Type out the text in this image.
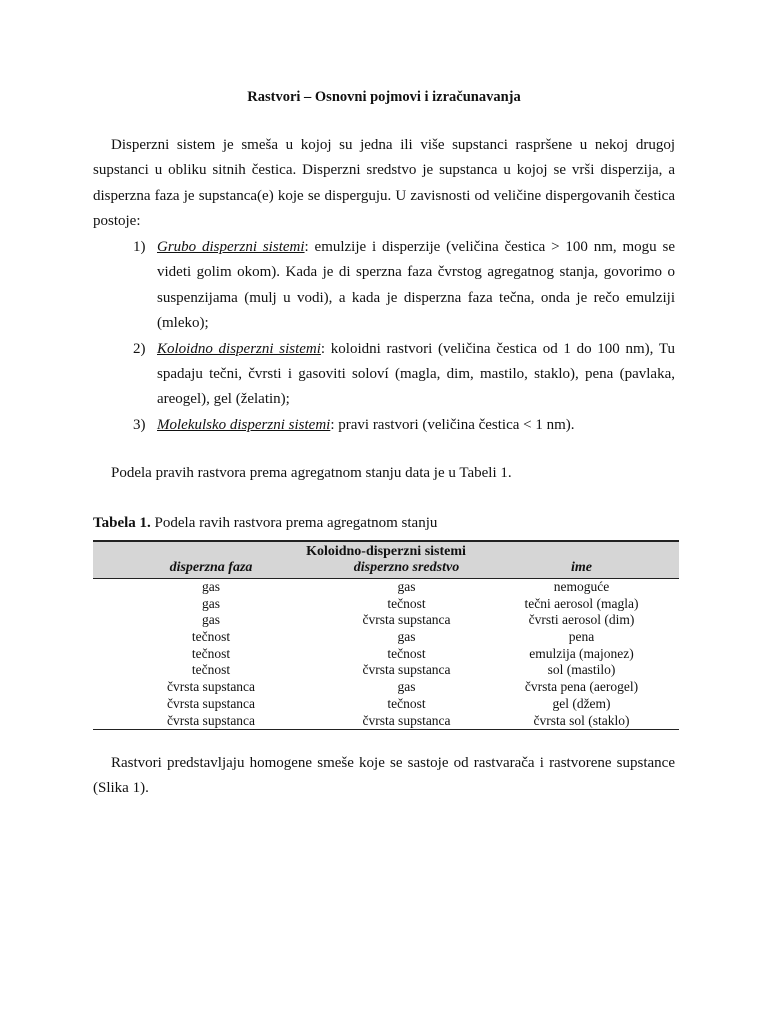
Rastvori – Osnovni pojmovi i izračunavanja
Disperzni sistem je smeša u kojoj su jedna ili više supstanci raspršene u nekoj drugoj supstanci u obliku sitnih čestica. Disperzni sredstvo je supstanca u kojoj se vrši disperzija, a disperzna faza je supstanca(e) koje se disperguju. U zavisnosti od veličine dispergovanih čestica postoje:
1) Grubo disperzni sistemi: emulzije i disperzije (veličina čestica > 100 nm, mogu se videti golim okom). Kada je di sperzna faza čvrstog agregatnog stanja, govorimo o suspenzijama (mulj u vodi), a kada je disperzna faza tečna, onda je rečo emulziji (mleko);
2) Koloidno disperzni sistemi: koloidni rastvori (veličina čestica od 1 do 100 nm), Tu spadaju tečni, čvrsti i gasoviti soloví (magla, dim, mastilo, staklo), pena (pavlaka, areogel), gel (želatin);
3) Molekulsko disperzni sistemi: pravi rastvori (veličina čestica < 1 nm).
Podela pravih rastvora prema agregatnom stanju data je u Tabeli 1.
Tabela 1. Podela ravih rastvora prema agregatnom stanju
Koloidno-disperzni sistemi
disperzna faza	disperzno sredstvo	ime
gas	gas	nemoguće
gas	tečnost	tečni aerosol (magla)
gas	čvrsta supstanca	čvrsti aerosol (dim)
tečnost	gas	pena
tečnost	tečnost	emulzija (majonez)
tečnost	čvrsta supstanca	sol (mastilo)
čvrsta supstanca	gas	čvrsta pena (aerogel)
čvrsta supstanca	tečnost	gel (džem)
čvrsta supstanca	čvrsta supstanca	čvrsta sol (staklo)
Rastvori predstavljaju homogene smeše koje se sastoje od rastvarača i rastvorene supstance (Slika 1).
